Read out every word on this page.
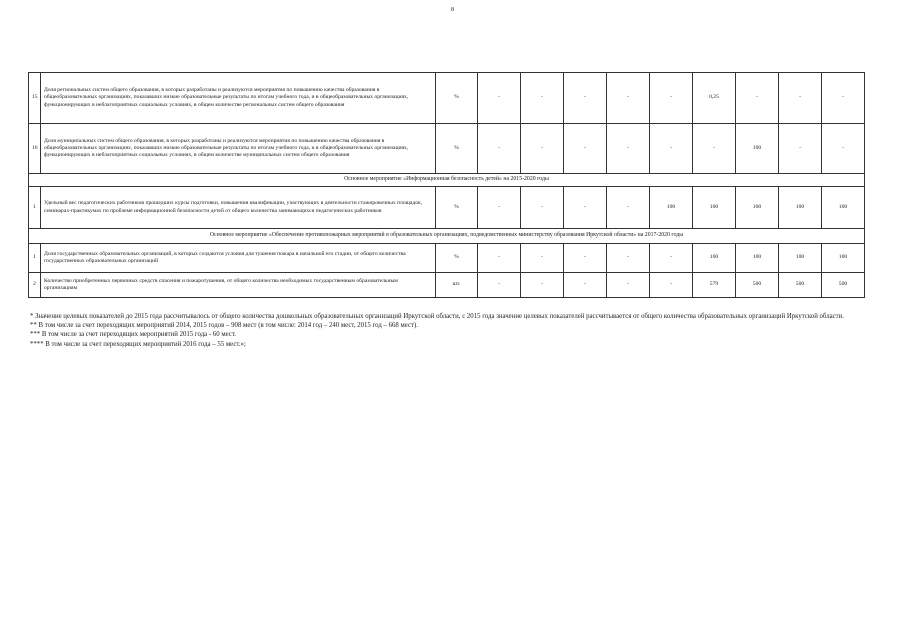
8
15	Доля региональных систем общего образования, в которых разработаны и реализуются мероприятия по повышению качества образования в общеобразовательных организациях, показавших низкие образовательные результаты по итогам учебного года, и в общеобразовательных организациях, функционирующих в неблагоприятных социальных условиях, в общем количестве региональных систем общего образования	%	-	-	-	-	-	0,25	-	-	-
16	Доля муниципальных систем общего образования, в которых разработаны и реализуются мероприятия по повышению качества образования в общеобразовательных организациях, показавших низкие образовательные результаты по итогам учебного года, и в общеобразовательных организациях, функционирующих в неблагоприятных социальных условиях, в общем количестве муниципальных систем общего образования	%	-	-	-	-	-	-	100	-	-
Основное мероприятие «Информационная безопасность детей» на 2015-2020 годы											
1	Удельный вес педагогических работников прошедших курсы подготовки, повышения квалификации, участвующих в деятельности стажировочных площадок, семинарах-практикумах по проблеме информационной безопасности детей от общего количества занимающихся педагогических работников	%	-	-	-	-	100	100	100	100	100
Основное мероприятие «Обеспечение противопожарных мероприятий в образовательных организациях, подведомственных министерству образования Иркутской области» на 2017-2020 годы											
1	Доля государственных образовательных организаций, в которых создаются условия для тушения пожара в начальной его стадии, от общего количества государственных образовательных организаций	%	-	-	-	-	-	100	100	100	100
2	Количество приобретенных первичных средств спасения и пожаротушения, от общего количества необходимых государственным образовательным организациям	шт.	-	-	-	-	-	579	500	500	500
* Значение целевых показателей до 2015 года рассчитывалось от общего количества дошкольных образовательных организаций Иркутской области, с 2015 года значение целевых показателей рассчитывается от общего количества образовательных организаций Иркутской области.
** В том числе за счет переходящих мероприятий 2014, 2015 годов – 908 мест (в том числе: 2014 год – 240 мест, 2015 год – 668 мест).
*** В том числе за счет переходящих мероприятий 2015 года - 60 мест.
**** В том числе за счет переходящих мероприятий 2016 года – 55 мест.»;
